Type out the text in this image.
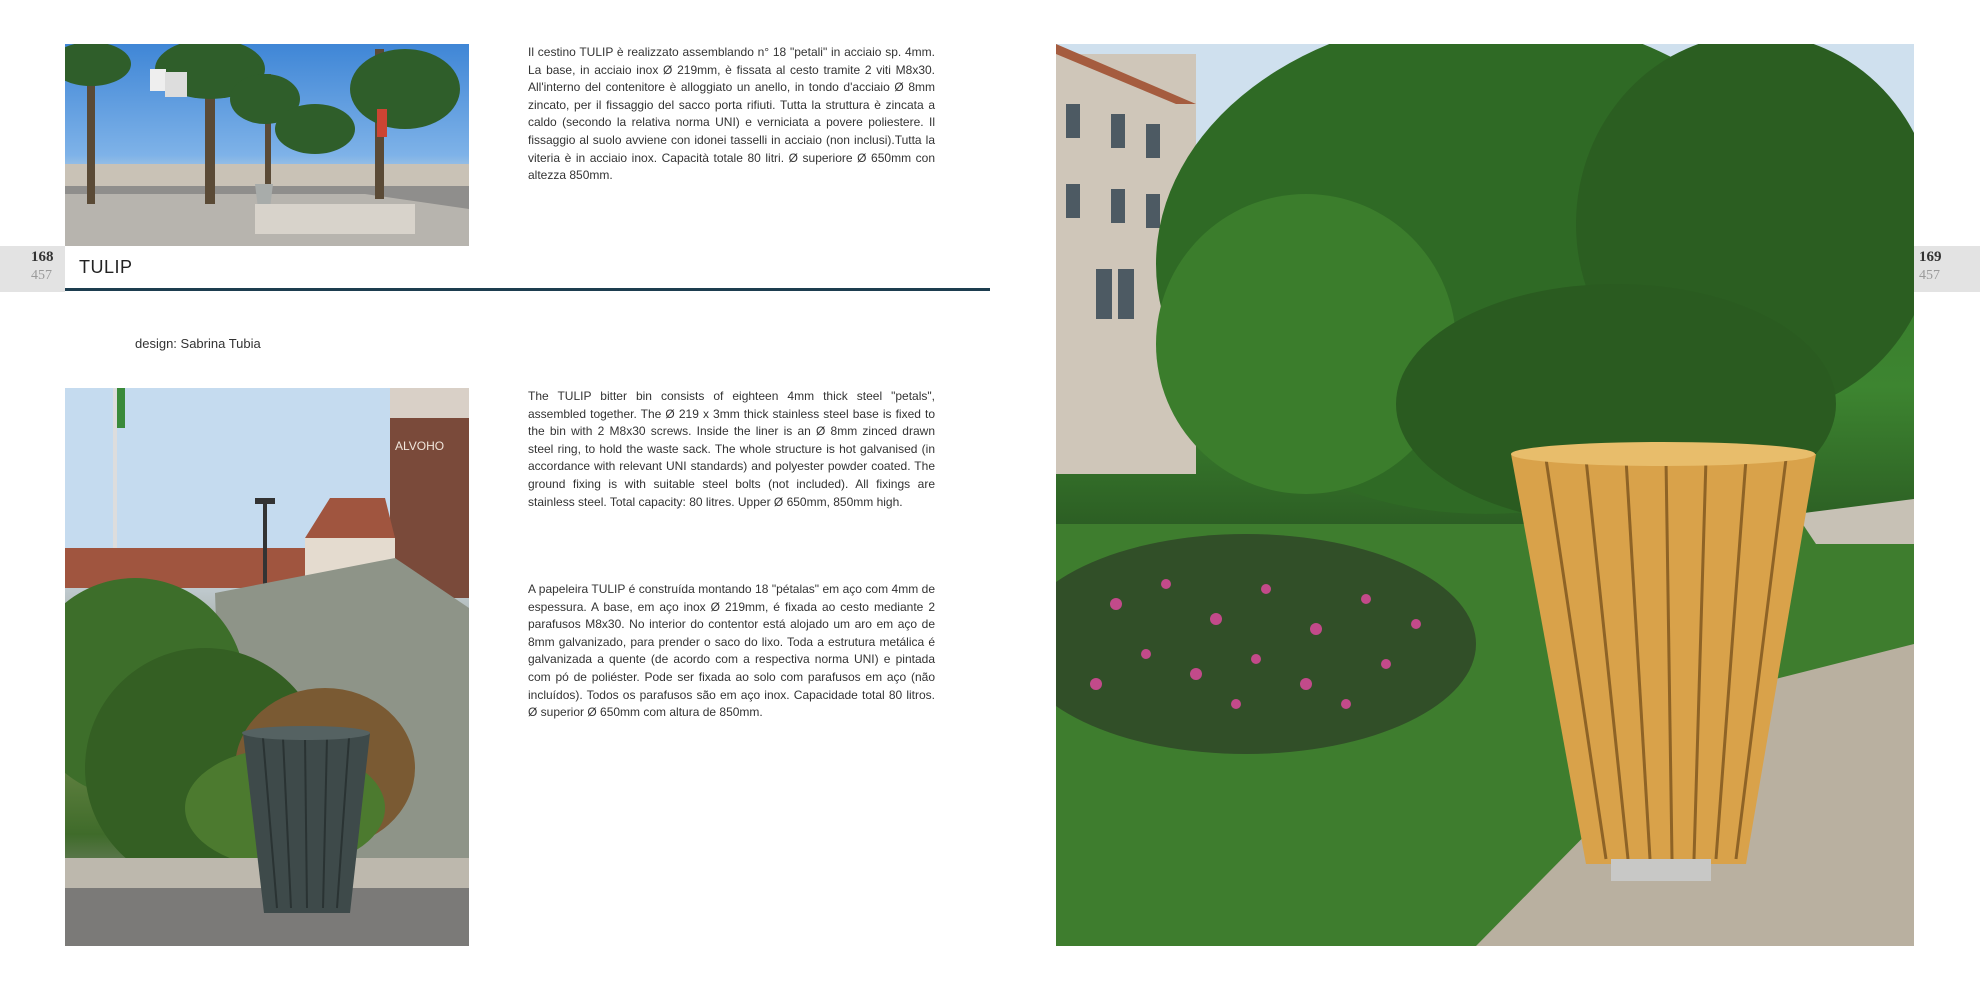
168
457
169
457
TULIP
design: Sabrina Tubia

Il cestino TULIP è realizzato assemblando n° 18 "petali" in acciaio sp. 4mm. La base, in acciaio inox Ø 219mm, è fissata al cesto tramite 2 viti M8x30. All'interno del contenitore è alloggiato un anello, in tondo d'acciaio Ø 8mm zincato, per il fissaggio del sacco porta rifiuti. Tutta la struttura è zincata a caldo (secondo la relativa norma UNI) e verniciata a povere poliestere. Il fissaggio al suolo avviene con idonei tasselli in acciaio (non inclusi).Tutta la viteria è in acciaio inox. Capacità totale 80 litri. Ø superiore Ø 650mm con altezza 850mm.

The TULIP bitter bin consists of eighteen 4mm thick steel "petals", assembled together. The Ø 219 x 3mm thick stainless steel base is fixed to the bin with 2 M8x30 screws. Inside the liner is an Ø 8mm zinced drawn steel ring, to hold the waste sack. The whole structure is hot galvanised (in accordance with relevant UNI standards) and polyester powder coated. The ground fixing is with suitable steel bolts (not included). All fixings are stainless steel. Total capacity: 80 litres. Upper Ø 650mm, 850mm high.

A papeleira TULIP é construída montando 18 "pétalas" em aço com 4mm de espessura. A base, em aço inox Ø 219mm, é fixada ao cesto mediante 2 parafusos M8x30. No interior do contentor está alojado um aro em aço de 8mm galvanizado, para prender o saco do lixo. Toda a estrutura metálica é galvanizada a quente (de acordo com a respectiva norma UNI) e pintada com pó de poliéster. Pode ser fixada ao solo com parafusos em aço (não incluídos). Todos os parafusos são em aço inox. Capacidade total 80 litros. Ø superior Ø 650mm com altura de 850mm.

ALVOHO
